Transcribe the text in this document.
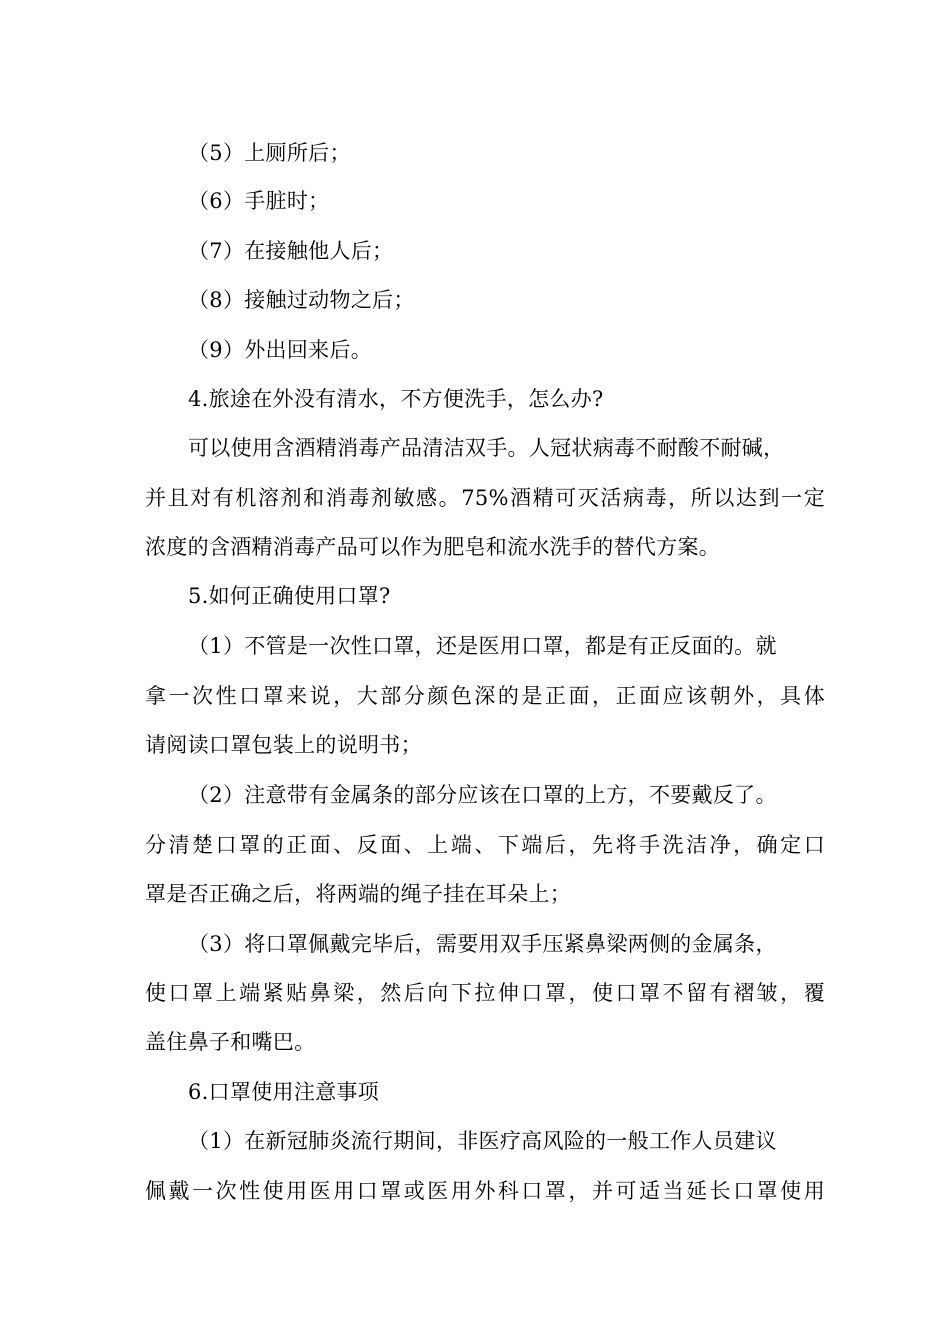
（5）上厕所后；
（6）手脏时；
（7）在接触他人后；
（8）接触过动物之后；
（9）外出回来后。
4.旅途在外没有清水，不方便洗手，怎么办?
可以使用含酒精消毒产品清洁双手。人冠状病毒不耐酸不耐碱，
并且对有机溶剂和消毒剂敏感。75%酒精可灭活病毒，所以达到一定
浓度的含酒精消毒产品可以作为肥皂和流水洗手的替代方案。
5.如何正确使用口罩?
（1）不管是一次性口罩，还是医用口罩，都是有正反面的。就
拿一次性口罩来说，大部分颜色深的是正面，正面应该朝外，具体
请阅读口罩包装上的说明书；
（2）注意带有金属条的部分应该在口罩的上方，不要戴反了。
分清楚口罩的正面、反面、上端、下端后，先将手洗洁净，确定口
罩是否正确之后，将两端的绳子挂在耳朵上；
（3）将口罩佩戴完毕后，需要用双手压紧鼻梁两侧的金属条，
使口罩上端紧贴鼻梁，然后向下拉伸口罩，使口罩不留有褶皱，覆
盖住鼻子和嘴巴。
6.口罩使用注意事项
（1）在新冠肺炎流行期间，非医疗高风险的一般工作人员建议
佩戴一次性使用医用口罩或医用外科口罩，并可适当延长口罩使用
